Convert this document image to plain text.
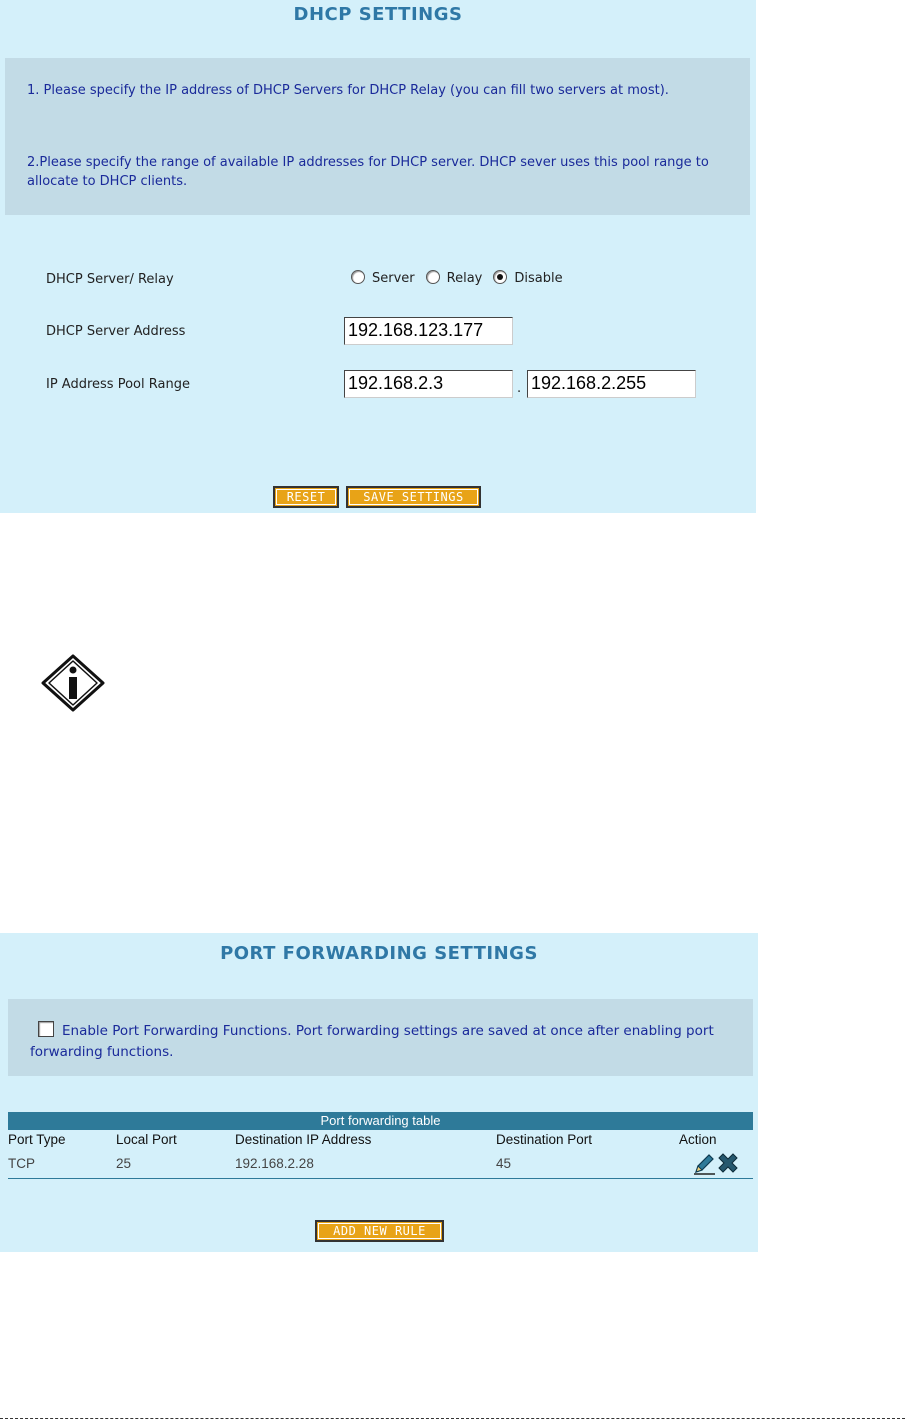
DHCP SETTINGS
1. Please specify the IP address of DHCP Servers for DHCP Relay (you can fill two servers at most).
2.Please specify the range of available IP addresses for DHCP server. DHCP sever uses this pool range to allocate to DHCP clients.
DHCP Server/ Relay	Server Relay Disable
DHCP Server Address	192.168.123.177
IP Address Pool Range	192.168.2.3	. 192.168.2.255
RESET	SAVE SETTINGS
PORT FORWARDING SETTINGS
Enable Port Forwarding Functions. Port forwarding settings are saved at once after enabling port forwarding functions.
Port forwarding table
Port Type	Local Port	Destination IP Address	Destination Port	Action
TCP	25	192.168.2.28	45
ADD NEW RULE
